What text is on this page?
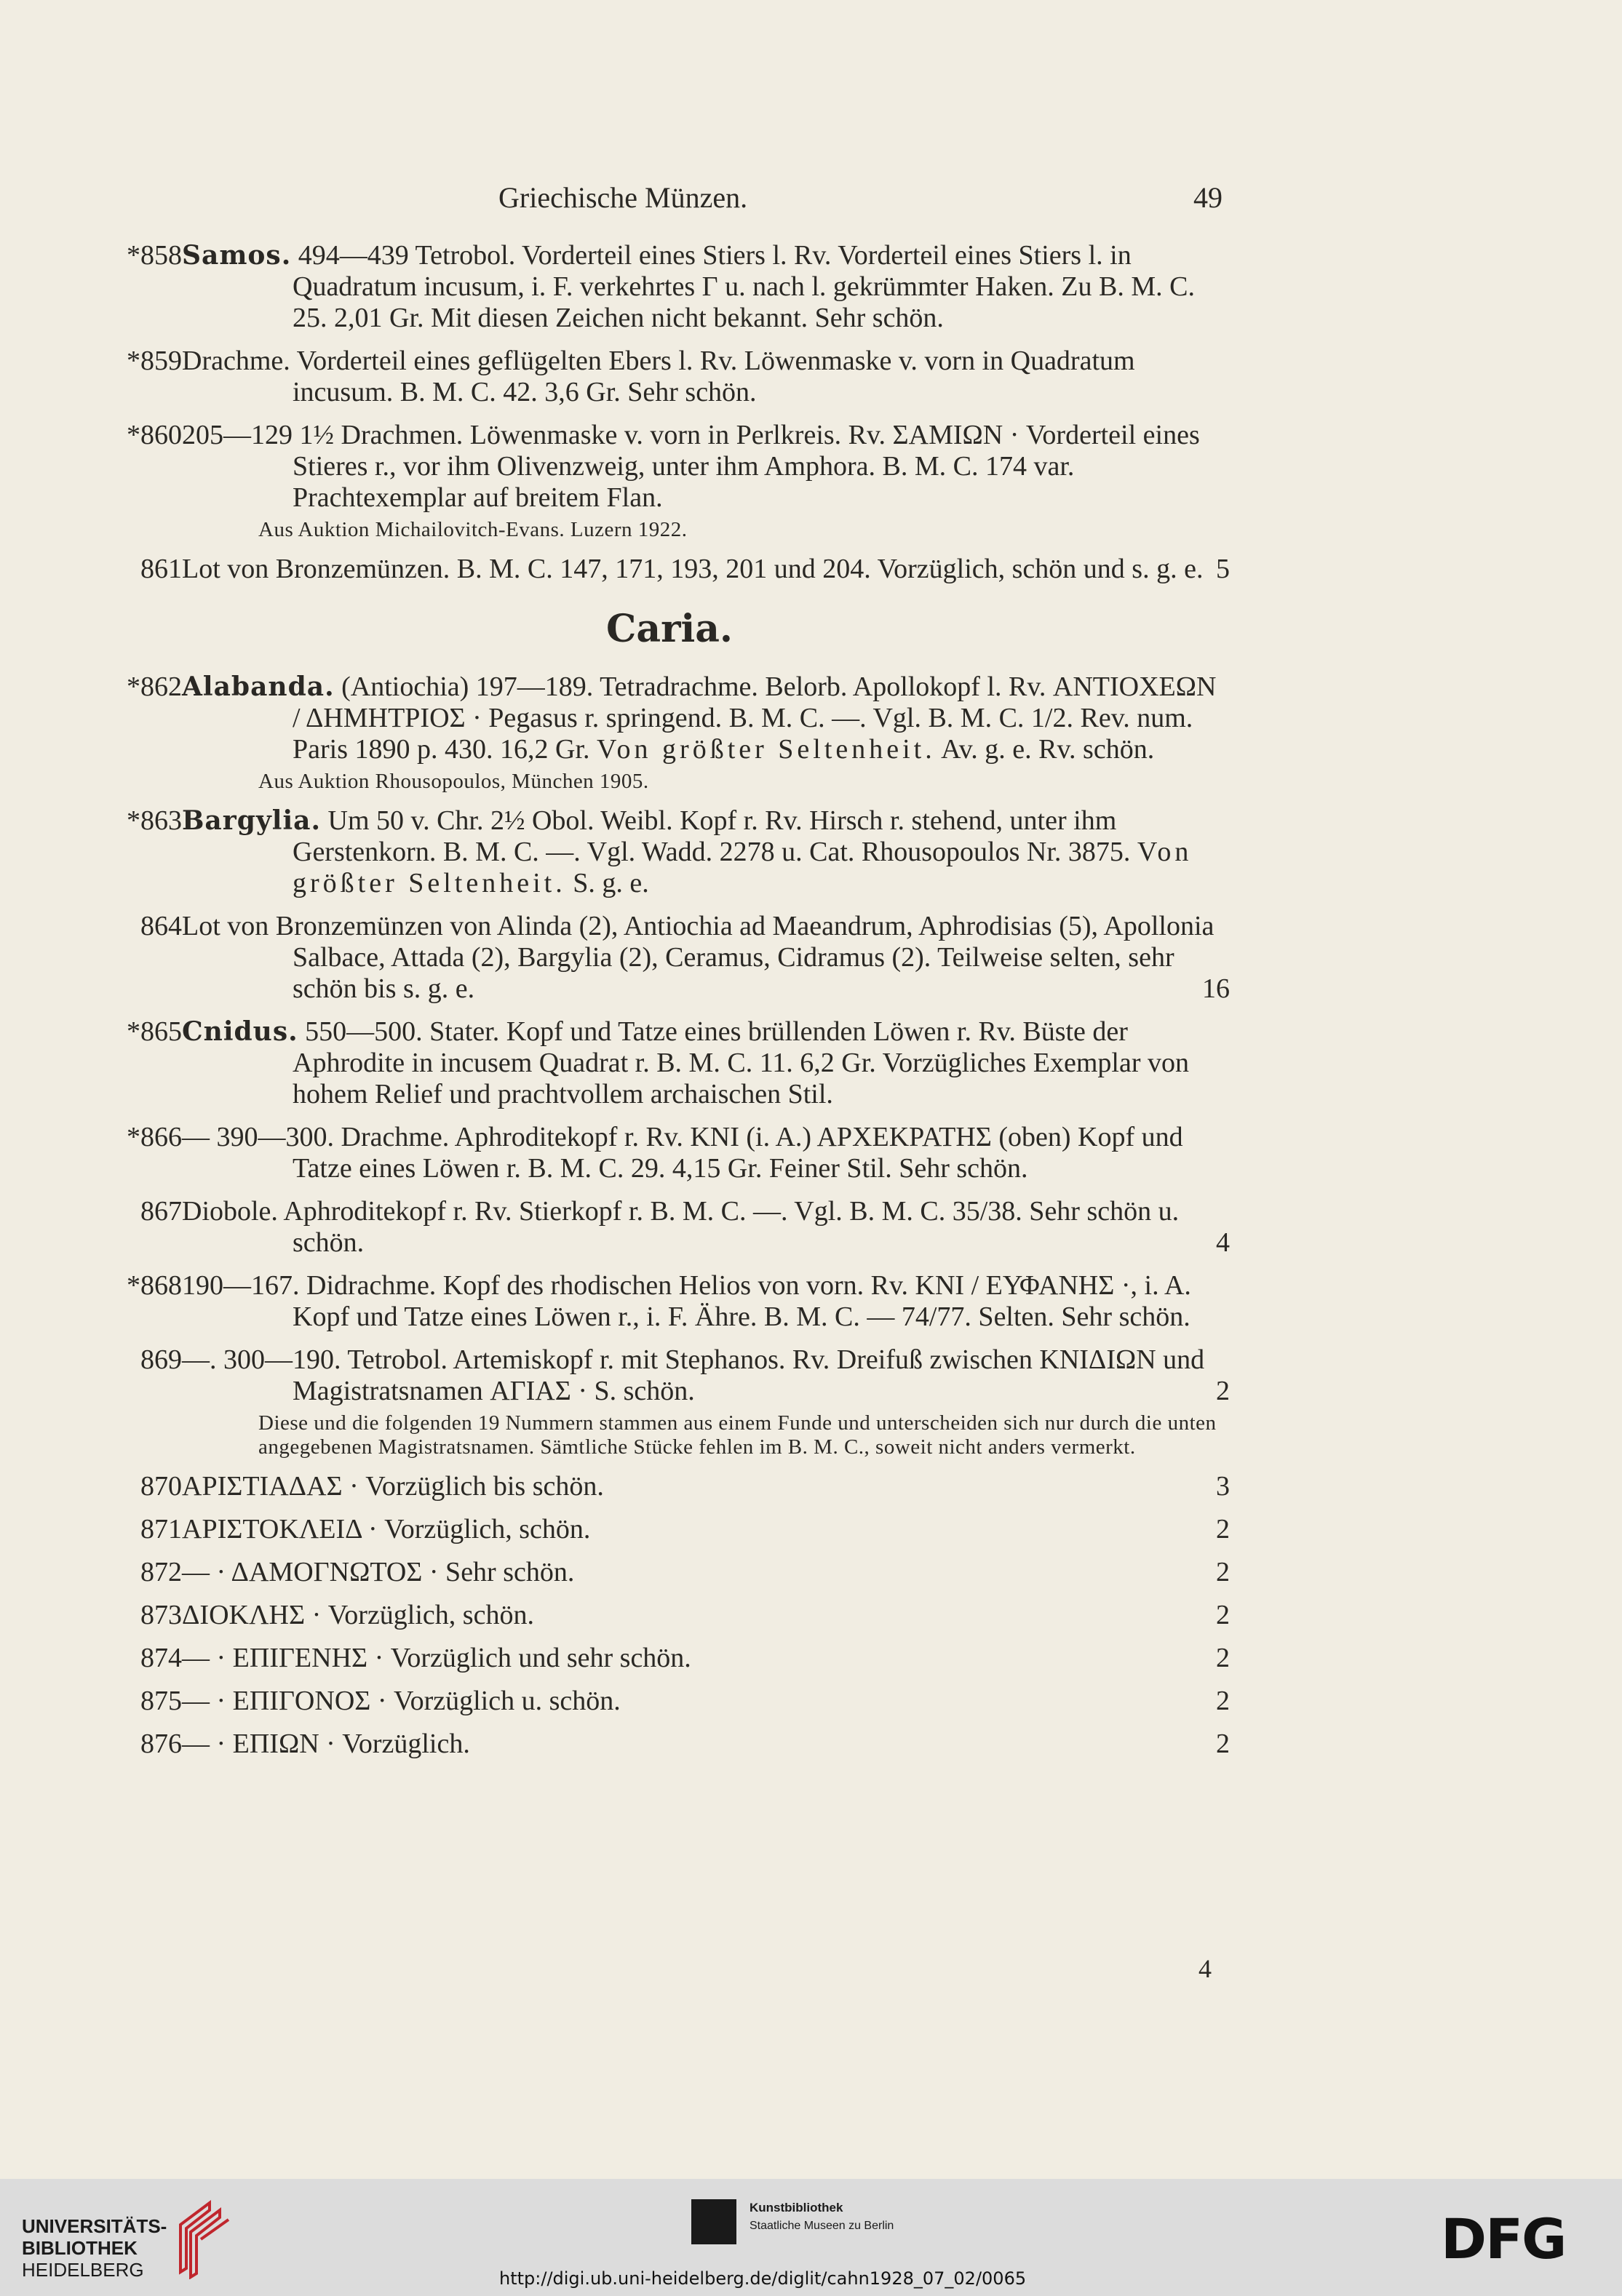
Griechische Münzen.	49
*858 Samos. 494—439 Tetrobol. Vorderteil eines Stiers l. Rv. Vorderteil eines Stiers l. in Quadratum incusum, i. F. verkehrtes Γ u. nach l. gekrümmter Haken. Zu B. M. C. 25. 2,01 Gr. Mit diesen Zeichen nicht bekannt. Sehr schön.
*859 Drachme. Vorderteil eines geflügelten Ebers l. Rv. Löwenmaske v. vorn in Quadratum incusum. B. M. C. 42. 3,6 Gr. Sehr schön.
*860 205—129 1½ Drachmen. Löwenmaske v. vorn in Perlkreis. Rv. ΣΑΜΙΩΝ · Vorderteil eines Stieres r., vor ihm Olivenzweig, unter ihm Amphora. B. M. C. 174 var. Prachtexemplar auf breitem Flan.
Aus Auktion Michailovitch-Evans. Luzern 1922.
861 Lot von Bronzemünzen. B. M. C. 147, 171, 193, 201 und 204. Vorzüglich, schön und s. g. e. 5
Caria.
*862 Alabanda. (Antiochia) 197—189. Tetradrachme. Belorb. Apollokopf l. Rv. ΑΝΤΙΟΧΕΩΝ / ΔΗΜΗΤΡΙΟΣ · Pegasus r. springend. B. M. C. —. Vgl. B. M. C. 1/2. Rev. num. Paris 1890 p. 430. 16,2 Gr. Von größter Seltenheit. Av. g. e. Rv. schön.
Aus Auktion Rhousopoulos, München 1905.
*863 Bargylia. Um 50 v. Chr. 2½ Obol. Weibl. Kopf r. Rv. Hirsch r. stehend, unter ihm Gerstenkorn. B. M. C. —. Vgl. Wadd. 2278 u. Cat. Rhousopoulos Nr. 3875. Von größter Seltenheit. S. g. e.
864 Lot von Bronzemünzen von Alinda (2), Antiochia ad Maeandrum, Aphrodisias (5), Apollonia Salbace, Attada (2), Bargylia (2), Ceramus, Cidramus (2). Teilweise selten, sehr schön bis s. g. e.	16
*865 Cnidus. 550—500. Stater. Kopf und Tatze eines brüllenden Löwen r. Rv. Büste der Aphrodite in incusem Quadrat r. B. M. C. 11. 6,2 Gr. Vorzügliches Exemplar von hohem Relief und prachtvollem archaischen Stil.
*866 — 390—300. Drachme. Aphroditekopf r. Rv. ΚΝΙ (i. A.) ΑΡΧΕΚΡΑΤΗΣ (oben) Kopf und Tatze eines Löwen r. B. M. C. 29. 4,15 Gr. Feiner Stil. Sehr schön.
867 Diobole. Aphroditekopf r. Rv. Stierkopf r. B. M. C. —. Vgl. B. M. C. 35/38. Sehr schön u. schön.	4
*868 190—167. Didrachme. Kopf des rhodischen Helios von vorn. Rv. ΚΝΙ / ΕΥΦΑΝΗΣ ·, i. A. Kopf und Tatze eines Löwen r., i. F. Ähre. B. M. C. — 74/77. Selten. Sehr schön.
869 —. 300—190. Tetrobol. Artemiskopf r. mit Stephanos. Rv. Dreifuß zwischen ΚΝΙΔΙΩΝ und Magistratsnamen ΑΓΙΑΣ · S. schön.	2
Diese und die folgenden 19 Nummern stammen aus einem Funde und unterscheiden sich nur durch die unten angegebenen Magistratsnamen. Sämtliche Stücke fehlen im B. M. C., soweit nicht anders vermerkt.
870 ΑΡΙΣΤΙΑΔΑΣ · Vorzüglich bis schön.	3
871 ΑΡΙΣΤΟΚΛΕΙΔ · Vorzüglich, schön.	2
872 — · ΔΑΜΟΓΝΩΤΟΣ · Sehr schön.	2
873 ΔΙΟΚΛΗΣ · Vorzüglich, schön.	2
874 — · ΕΠΙΓΕΝΗΣ · Vorzüglich und sehr schön.	2
875 — · ΕΠΙΓΟΝΟΣ · Vorzüglich u. schön.	2
876 — · ΕΠΙΩΝ · Vorzüglich.	2
4
UNIVERSITÄTS-
BIBLIOTHEK
HEIDELBERG
Kunstbibliothek
Staatliche Museen zu Berlin	DFG
http://digi.ub.uni-heidelberg.de/diglit/cahn1928_07_02/0065
